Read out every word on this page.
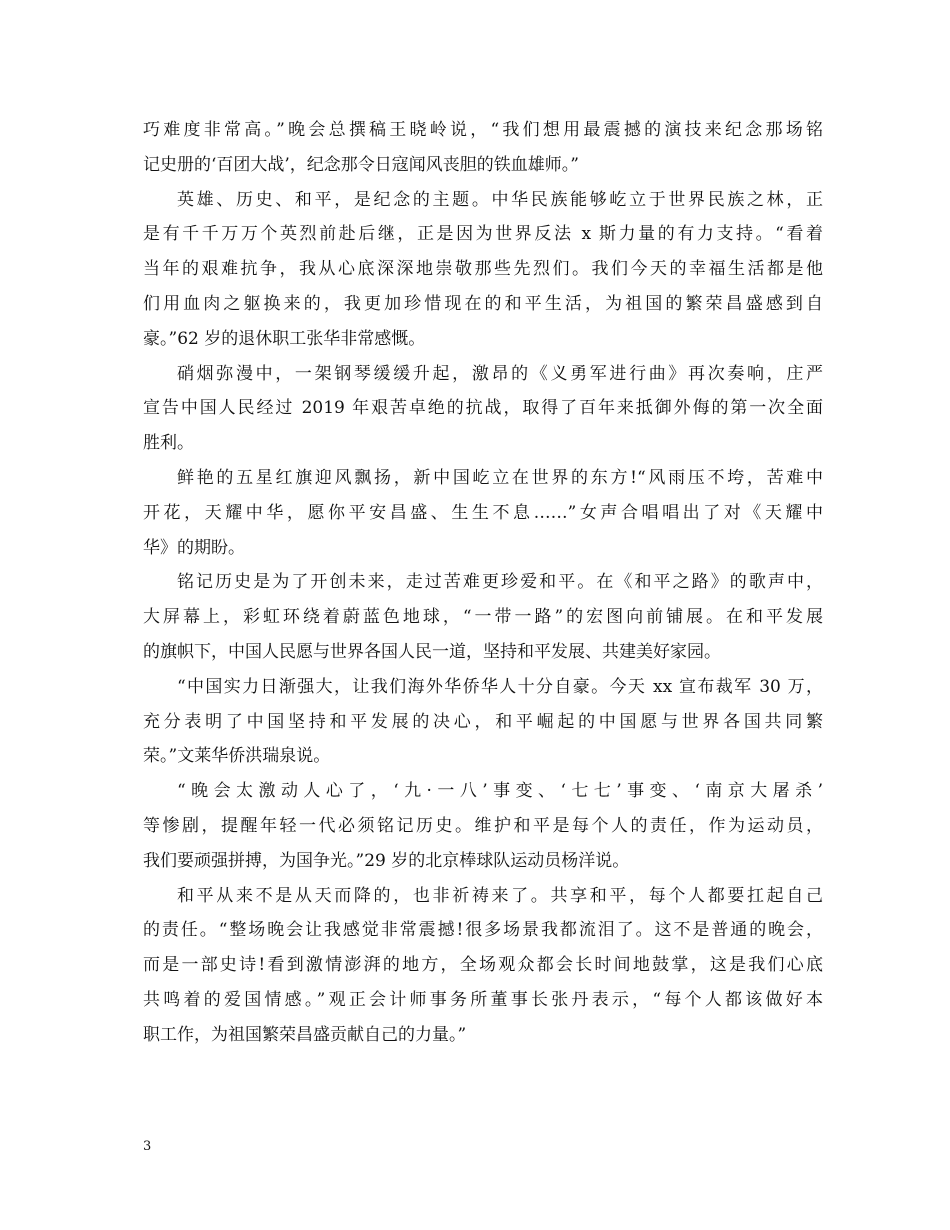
巧难度非常高。”晚会总撰稿王晓岭说，“我们想用最震撼的演技来纪念那场铭
记史册的‘百团大战’，纪念那令日寇闻风丧胆的铁血雄师。”
英雄、历史、和平，是纪念的主题。中华民族能够屹立于世界民族之林，正
是有千千万万个英烈前赴后继，正是因为世界反法 x 斯力量的有力支持。“看着
当年的艰难抗争，我从心底深深地崇敬那些先烈们。我们今天的幸福生活都是他
们用血肉之躯换来的，我更加珍惜现在的和平生活，为祖国的繁荣昌盛感到自
豪。”62 岁的退休职工张华非常感慨。
硝烟弥漫中，一架钢琴缓缓升起，激昂的《义勇军进行曲》再次奏响，庄严
宣告中国人民经过 2019 年艰苦卓绝的抗战，取得了百年来抵御外侮的第一次全面
胜利。
鲜艳的五星红旗迎风飘扬，新中国屹立在世界的东方!“风雨压不垮，苦难中
开花，天耀中华，愿你平安昌盛、生生不息……”女声合唱唱出了对《天耀中
华》的期盼。
铭记历史是为了开创未来，走过苦难更珍爱和平。在《和平之路》的歌声中，
大屏幕上，彩虹环绕着蔚蓝色地球，“一带一路”的宏图向前铺展。在和平发展
的旗帜下，中国人民愿与世界各国人民一道，坚持和平发展、共建美好家园。
“中国实力日渐强大，让我们海外华侨华人十分自豪。今天 xx 宣布裁军 30 万，
充分表明了中国坚持和平发展的决心，和平崛起的中国愿与世界各国共同繁
荣。”文莱华侨洪瑞泉说。
“晚会太激动人心了，‘九·一八’事变、‘七七’事变、‘南京大屠杀’
等惨剧，提醒年轻一代必须铭记历史。维护和平是每个人的责任，作为运动员，
我们要顽强拼搏，为国争光。”29 岁的北京棒球队运动员杨洋说。
和平从来不是从天而降的，也非祈祷来了。共享和平，每个人都要扛起自己
的责任。“整场晚会让我感觉非常震撼!很多场景我都流泪了。这不是普通的晚会，
而是一部史诗!看到激情澎湃的地方，全场观众都会长时间地鼓掌，这是我们心底
共鸣着的爱国情感。”观正会计师事务所董事长张丹表示，“每个人都该做好本
职工作，为祖国繁荣昌盛贡献自己的力量。”
3
